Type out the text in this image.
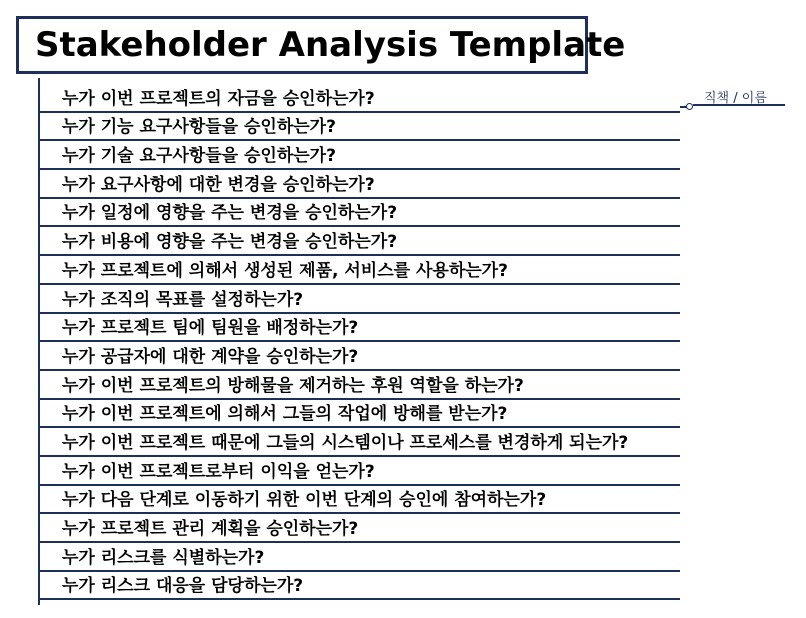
Stakeholder Analysis Template
누가 이번 프로젝트의 자금을 승인하는가?
누가 기능 요구사항들을 승인하는가?
누가 기술 요구사항들을 승인하는가?
누가 요구사항에 대한 변경을 승인하는가?
누가 일정에 영향을 주는 변경을 승인하는가?
누가 비용에 영향을 주는 변경을 승인하는가?
누가 프로젝트에 의해서 생성된 제품, 서비스를 사용하는가?
누가 조직의 목표를 설정하는가?
누가 프로젝트 팀에 팀원을 배정하는가?
누가 공급자에 대한 계약을 승인하는가?
누가 이번 프로젝트의 방해물을 제거하는 후원 역할을 하는가?
누가 이번 프로젝트에 의해서 그들의 작업에 방해를 받는가?
누가 이번 프로젝트 때문에 그들의 시스템이나 프로세스를 변경하게 되는가?
누가 이번 프로젝트로부터 이익을 얻는가?
누가 다음 단계로 이동하기 위한 이번 단계의 승인에 참여하는가?
누가 프로젝트 관리 계획을 승인하는가?
누가 리스크를 식별하는가?
누가 리스크 대응을 담당하는가?
직책 / 이름
